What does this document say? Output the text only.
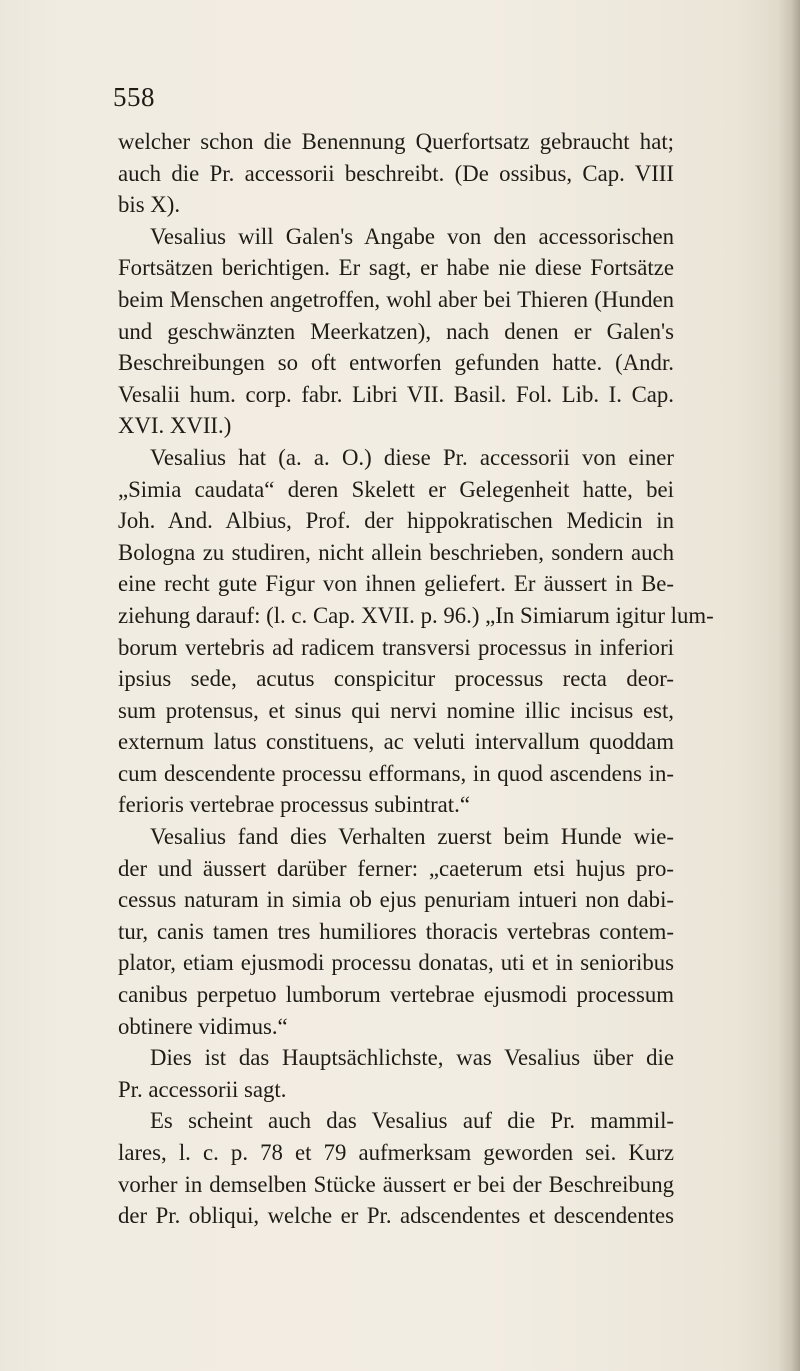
558
welcher schon die Benennung Querfortsatz gebraucht hat;
auch die Pr. accessorii beschreibt. (De ossibus, Cap. VIII
bis X).
Vesalius will Galen's Angabe von den accessorischen
Fortsätzen berichtigen. Er sagt, er habe nie diese Fortsätze
beim Menschen angetroffen, wohl aber bei Thieren (Hunden
und geschwänzten Meerkatzen), nach denen er Galen's
Beschreibungen so oft entworfen gefunden hatte. (Andr.
Vesalii hum. corp. fabr. Libri VII. Basil. Fol. Lib. I. Cap.
XVI. XVII.)
Vesalius hat (a. a. O.) diese Pr. accessorii von einer
„Simia caudata“ deren Skelett er Gelegenheit hatte, bei
Joh. And. Albius, Prof. der hippokratischen Medicin in
Bologna zu studiren, nicht allein beschrieben, sondern auch
eine recht gute Figur von ihnen geliefert. Er äussert in Be-
ziehung darauf: (l. c. Cap. XVII. p. 96.) „In Simiarum igitur lum-
borum vertebris ad radicem transversi processus in inferiori
ipsius sede, acutus conspicitur processus recta deor-
sum protensus, et sinus qui nervi nomine illic incisus est,
externum latus constituens, ac veluti intervallum quoddam
cum descendente processu efformans, in quod ascendens in-
ferioris vertebrae processus subintrat.“
Vesalius fand dies Verhalten zuerst beim Hunde wie-
der und äussert darüber ferner: „caeterum etsi hujus pro-
cessus naturam in simia ob ejus penuriam intueri non dabi-
tur, canis tamen tres humiliores thoracis vertebras contem-
plator, etiam ejusmodi processu donatas, uti et in senioribus
canibus perpetuo lumborum vertebrae ejusmodi processum
obtinere vidimus.“
Dies ist das Hauptsächlichste, was Vesalius über die
Pr. accessorii sagt.
Es scheint auch das Vesalius auf die Pr. mammil-
lares, l. c. p. 78 et 79 aufmerksam geworden sei. Kurz
vorher in demselben Stücke äussert er bei der Beschreibung
der Pr. obliqui, welche er Pr. adscendentes et descendentes
